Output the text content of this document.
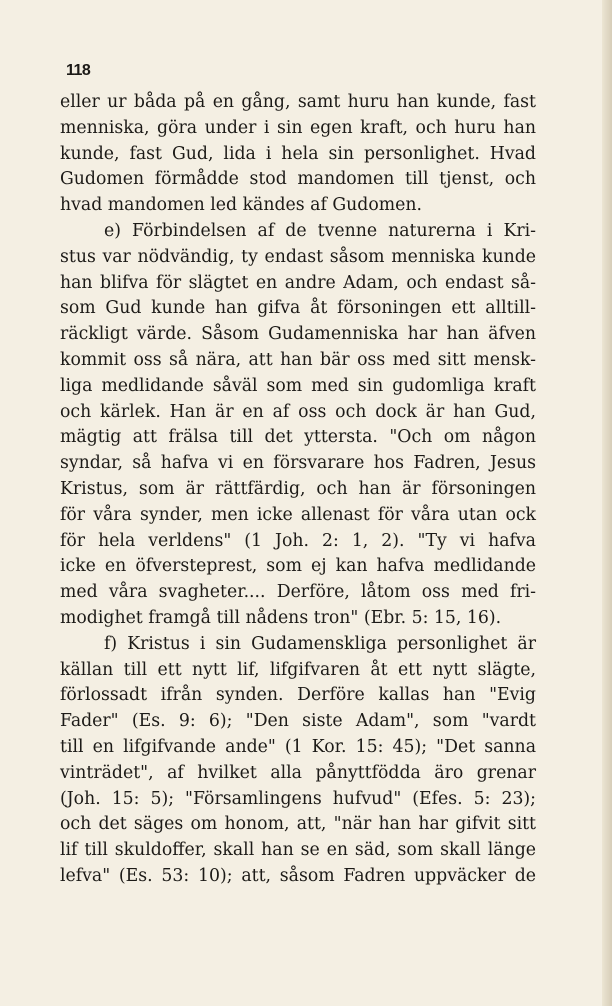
118
eller ur båda på en gång, samt huru han kunde, fast
menniska, göra under i sin egen kraft, och huru han
kunde, fast Gud, lida i hela sin personlighet. Hvad
Gudomen förmådde stod mandomen till tjenst, och
hvad mandomen led kändes af Gudomen.
e) Förbindelsen af de tvenne naturerna i Kri-
stus var nödvändig, ty endast såsom menniska kunde
han blifva för slägtet en andre Adam, och endast så-
som Gud kunde han gifva åt försoningen ett alltill-
räckligt värde. Såsom Gudamenniska har han äfven
kommit oss så nära, att han bär oss med sitt mensk-
liga medlidande såväl som med sin gudomliga kraft
och kärlek. Han är en af oss och dock är han Gud,
mägtig att frälsa till det yttersta. "Och om någon
syndar, så hafva vi en försvarare hos Fadren, Jesus
Kristus, som är rättfärdig, och han är försoningen
för våra synder, men icke allenast för våra utan ock
för hela verldens" (1 Joh. 2: 1, 2). "Ty vi hafva
icke en öfversteprest, som ej kan hafva medlidande
med våra svagheter.... Derföre, låtom oss med fri-
modighet framgå till nådens tron" (Ebr. 5: 15, 16).
f) Kristus i sin Gudamenskliga personlighet är
källan till ett nytt lif, lifgifvaren åt ett nytt slägte,
förlossadt ifrån synden. Derföre kallas han "Evig
Fader" (Es. 9: 6); "Den siste Adam", som "vardt
till en lifgifvande ande" (1 Kor. 15: 45); "Det sanna
vinträdet", af hvilket alla pånyttfödda äro grenar
(Joh. 15: 5); "Församlingens hufvud" (Efes. 5: 23);
och det säges om honom, att, "när han har gifvit sitt
lif till skuldoffer, skall han se en säd, som skall länge
lefva" (Es. 53: 10); att, såsom Fadren uppväcker de
